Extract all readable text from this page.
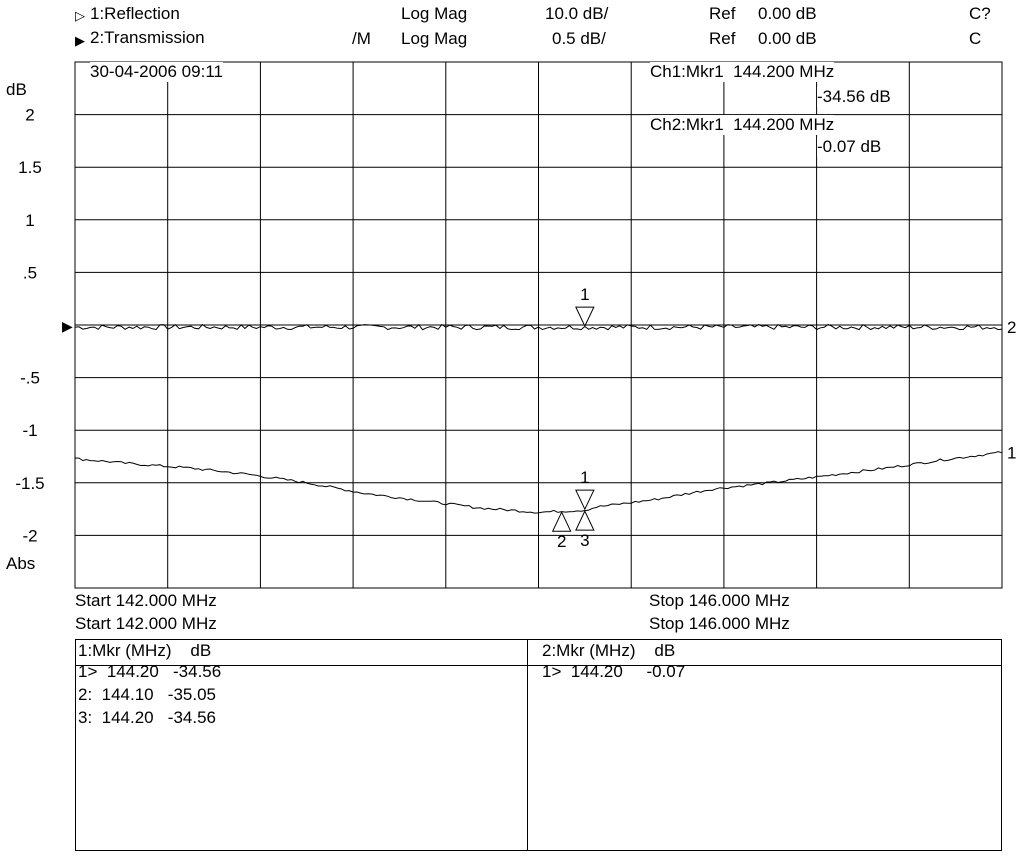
▷ 1:Reflection	Log Mag	10.0 dB/	Ref 0.00 dB	C?
▶ 2:Transmission	/M Log Mag	0.5 dB/	Ref 0.00 dB	C
dB
Abs
▶
2
1.5
1
.5
-.5
-1
-1.5
-2
2
1
1
1
2 3
30-04-2006 09:11	Ch1:Mkr1  144.200 MHz
-34.56 dB
Ch2:Mkr1  144.200 MHz
-0.07 dB
Start 142.000 MHz	Stop 146.000 MHz
Start 142.000 MHz	Stop 146.000 MHz
1:Mkr (MHz)    dB
1>  144.20   -34.56
2:  144.10   -35.05
3:  144.20   -34.56
2:Mkr (MHz)    dB
1>  144.20     -0.07
